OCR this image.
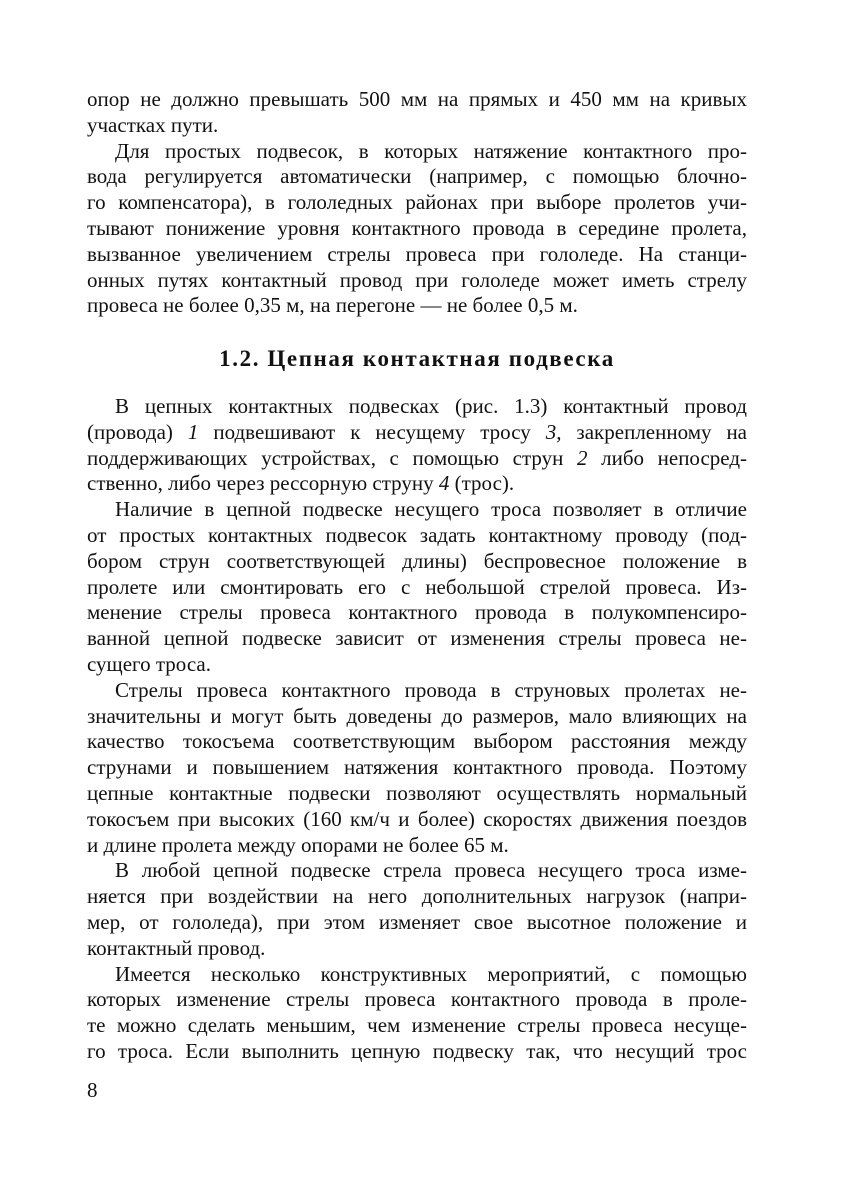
опор не должно превышать 500 мм на прямых и 450 мм на кривых
участках пути.
Для простых подвесок, в которых натяжение контактного про-
вода регулируется автоматически (например, с помощью блочно-
го компенсатора), в гололедных районах при выборе пролетов учи-
тывают понижение уровня контактного провода в середине пролета,
вызванное увеличением стрелы провеса при гололеде. На станци-
онных путях контактный провод при гололеде может иметь стрелу
провеса не более 0,35 м, на перегоне — не более 0,5 м.
1.2. Цепная контактная подвеска
В цепных контактных подвесках (рис. 1.3) контактный провод
(провода) 1 подвешивают к несущему тросу 3, закрепленному на
поддерживающих устройствах, с помощью струн 2 либо непосред-
ственно, либо через рессорную струну 4 (трос).
Наличие в цепной подвеске несущего троса позволяет в отличие
от простых контактных подвесок задать контактному проводу (под-
бором струн соответствующей длины) беспровесное положение в
пролете или смонтировать его с небольшой стрелой провеса. Из-
менение стрелы провеса контактного провода в полукомпенсиро-
ванной цепной подвеске зависит от изменения стрелы провеса не-
сущего троса.
Стрелы провеса контактного провода в струновых пролетах не-
значительны и могут быть доведены до размеров, мало влияющих на
качество токосъема соответствующим выбором расстояния между
струнами и повышением натяжения контактного провода. Поэтому
цепные контактные подвески позволяют осуществлять нормальный
токосъем при высоких (160 км/ч и более) скоростях движения поездов
и длине пролета между опорами не более 65 м.
В любой цепной подвеске стрела провеса несущего троса изме-
няется при воздействии на него дополнительных нагрузок (напри-
мер, от гололеда), при этом изменяет свое высотное положение и
контактный провод.
Имеется несколько конструктивных мероприятий, с помощью
которых изменение стрелы провеса контактного провода в проле-
те можно сделать меньшим, чем изменение стрелы провеса несуще-
го троса. Если выполнить цепную подвеску так, что несущий трос
8
